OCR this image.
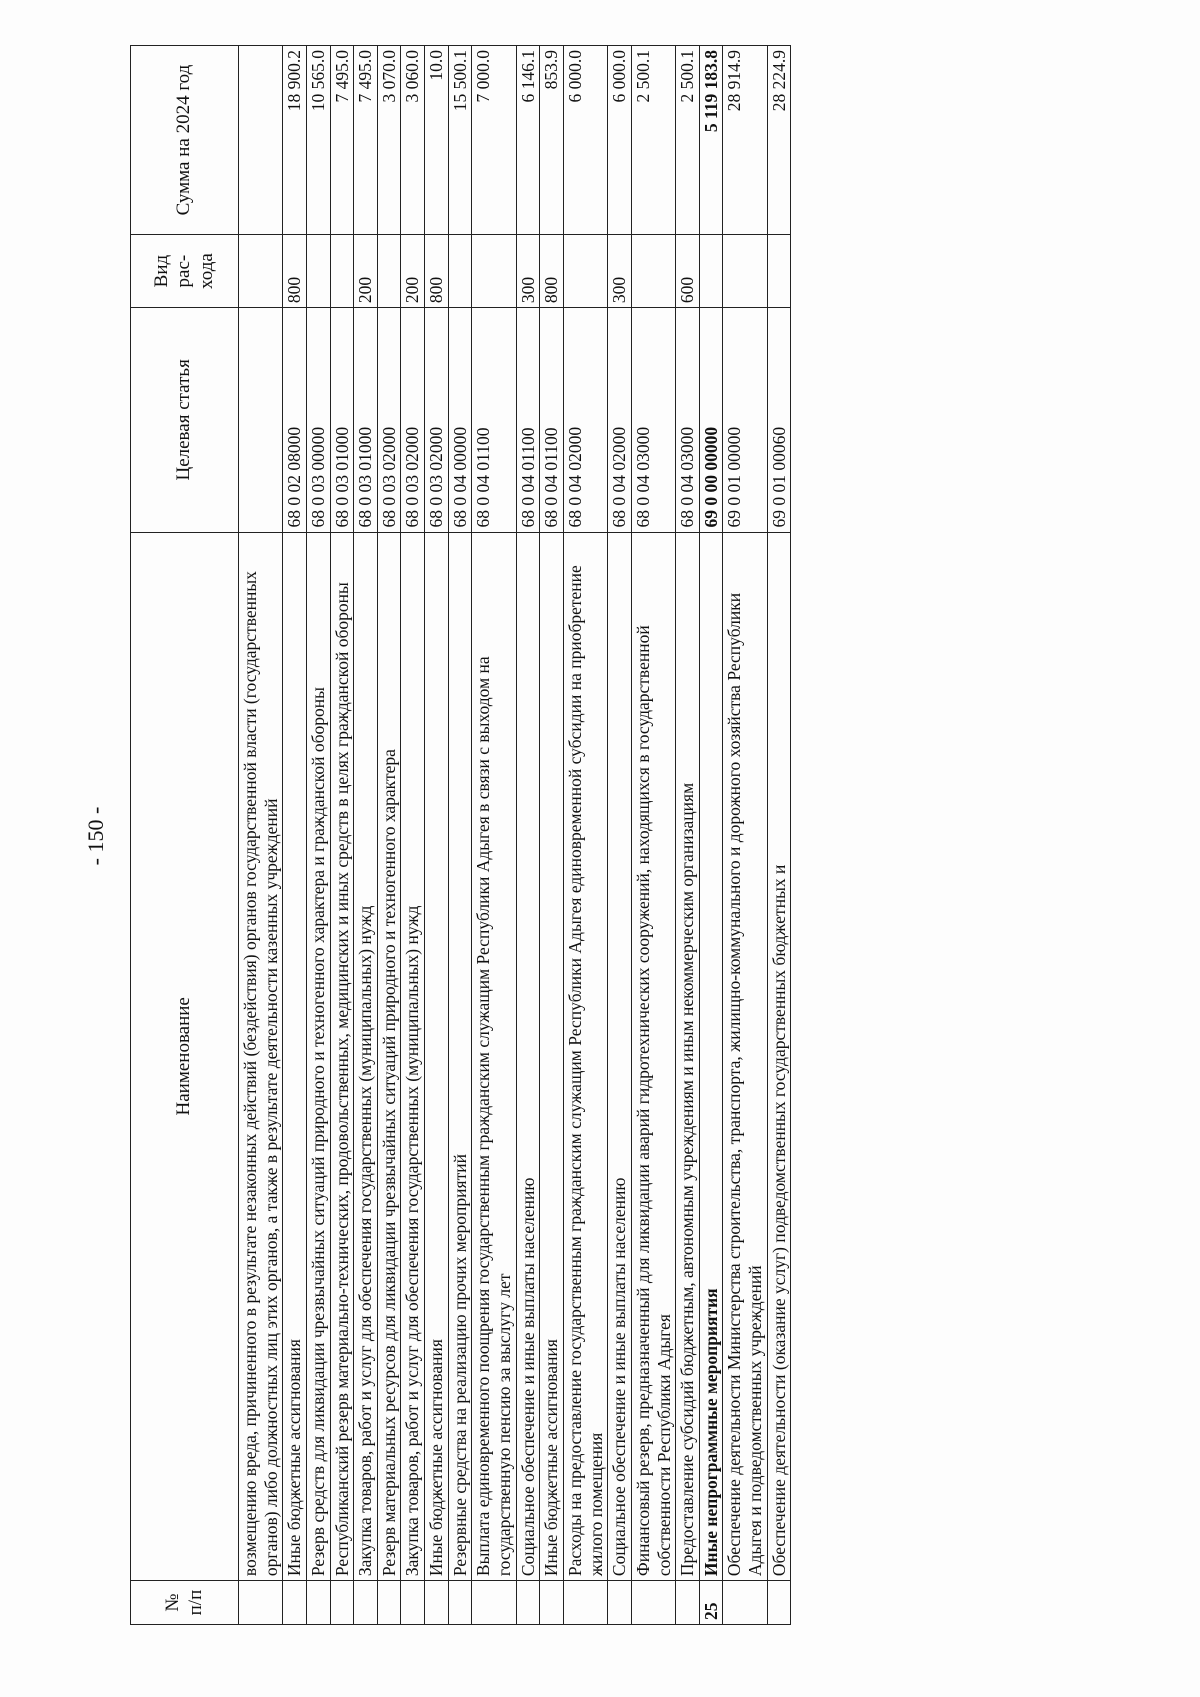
- 150 -
№ п/п	Наименование	Целевая статья	Вид рас-хода	Сумма на 2024 год
	возмещению вреда, причиненного в результате незаконных действий (бездействия) органов государственной власти (государственных органов) либо должностных лиц этих органов, а также в результате деятельности казенных учреждений			
	Иные бюджетные ассигнования	68 0 02 08000	800	18 900.2
	Резерв средств для ликвидации чрезвычайных ситуаций природного и техногенного характера и гражданской обороны	68 0 03 00000		10 565.0
	Республиканский резерв материально-технических, продовольственных, медицинских и иных средств в целях гражданской обороны	68 0 03 01000		7 495.0
	Закупка товаров, работ и услуг для обеспечения государственных (муниципальных) нужд	68 0 03 01000	200	7 495.0
	Резерв материальных ресурсов для ликвидации чрезвычайных ситуаций природного и техногенного характера	68 0 03 02000		3 070.0
	Закупка товаров, работ и услуг для обеспечения государственных (муниципальных) нужд	68 0 03 02000	200	3 060.0
	Иные бюджетные ассигнования	68 0 03 02000	800	10.0
	Резервные средства на реализацию прочих мероприятий	68 0 04 00000		15 500.1
	Выплата единовременного поощрения государственным гражданским служащим Республики Адыгея в связи с выходом на государственную пенсию за выслугу лет	68 0 04 01100		7 000.0
	Социальное обеспечение и иные выплаты населению	68 0 04 01100	300	6 146.1
	Иные бюджетные ассигнования	68 0 04 01100	800	853.9
	Расходы на предоставление государственным гражданским служащим Республики Адыгея единовременной субсидии на приобретение жилого помещения	68 0 04 02000		6 000.0
	Социальное обеспечение и иные выплаты населению	68 0 04 02000	300	6 000.0
	Финансовый резерв, предназначенный для ликвидации аварий гидротехнических сооружений, находящихся в государственной собственности Республики Адыгея	68 0 04 03000		2 500.1
	Предоставление субсидий бюджетным, автономным учреждениям и иным некоммерческим организациям	68 0 04 03000	600	2 500.1
25	Иные непрограммные мероприятия	69 0 00 00000		5 119 183.8
	Обеспечение деятельности Министерства строительства, транспорта, жилищно-коммунального и дорожного хозяйства Республики Адыгея и подведомственных учреждений	69 0 01 00000		28 914.9
	Обеспечение деятельности (оказание услуг) подведомственных государственных бюджетных и	69 0 01 00060		28 224.9
